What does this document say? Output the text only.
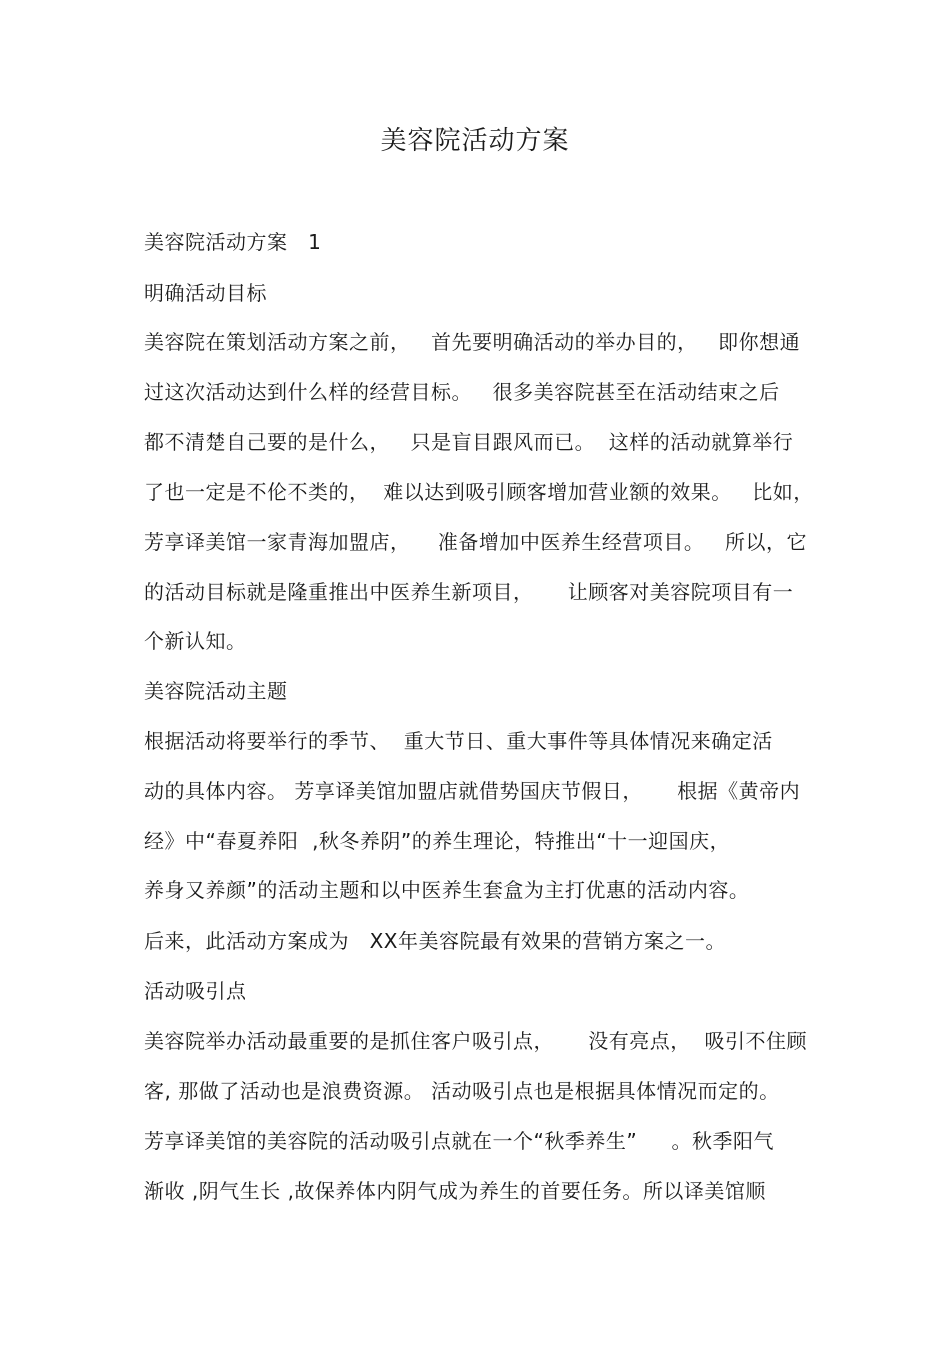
美容院活动方案
美容院活动方案   1
明确活动目标
美容院在策划活动方案之前，   首先要明确活动的举办目的，   即你想通
过这次活动达到什么样的经营目标。   很多美容院甚至在活动结束之后
都不清楚自己要的是什么，   只是盲目跟风而已。  这样的活动就算举行
了也一定是不伦不类的，  难以达到吸引顾客增加营业额的效果。   比如，
芳享译美馆一家青海加盟店，    准备增加中医养生经营项目。   所以，它
的活动目标就是隆重推出中医养生新项目，     让顾客对美容院项目有一
个新认知。
美容院活动主题
根据活动将要举行的季节、  重大节日、重大事件等具体情况来确定活
动的具体内容。 芳享译美馆加盟店就借势国庆节假日，     根据《黄帝内
经》中“春夏养阳  ,秋冬养阴”的养生理论，特推出“十一迎国庆，
养身又养颜”的活动主题和以中医养生套盒为主打优惠的活动内容。
后来，此活动方案成为   XX年美容院最有效果的营销方案之一。
活动吸引点
美容院举办活动最重要的是抓住客户吸引点，     没有亮点，  吸引不住顾
客, 那做了活动也是浪费资源。 活动吸引点也是根据具体情况而定的。
芳享译美馆的美容院的活动吸引点就在一个“秋季养生”     。秋季阳气
渐收 ,阴气生长 ,故保养体内阴气成为养生的首要任务。所以译美馆顺
